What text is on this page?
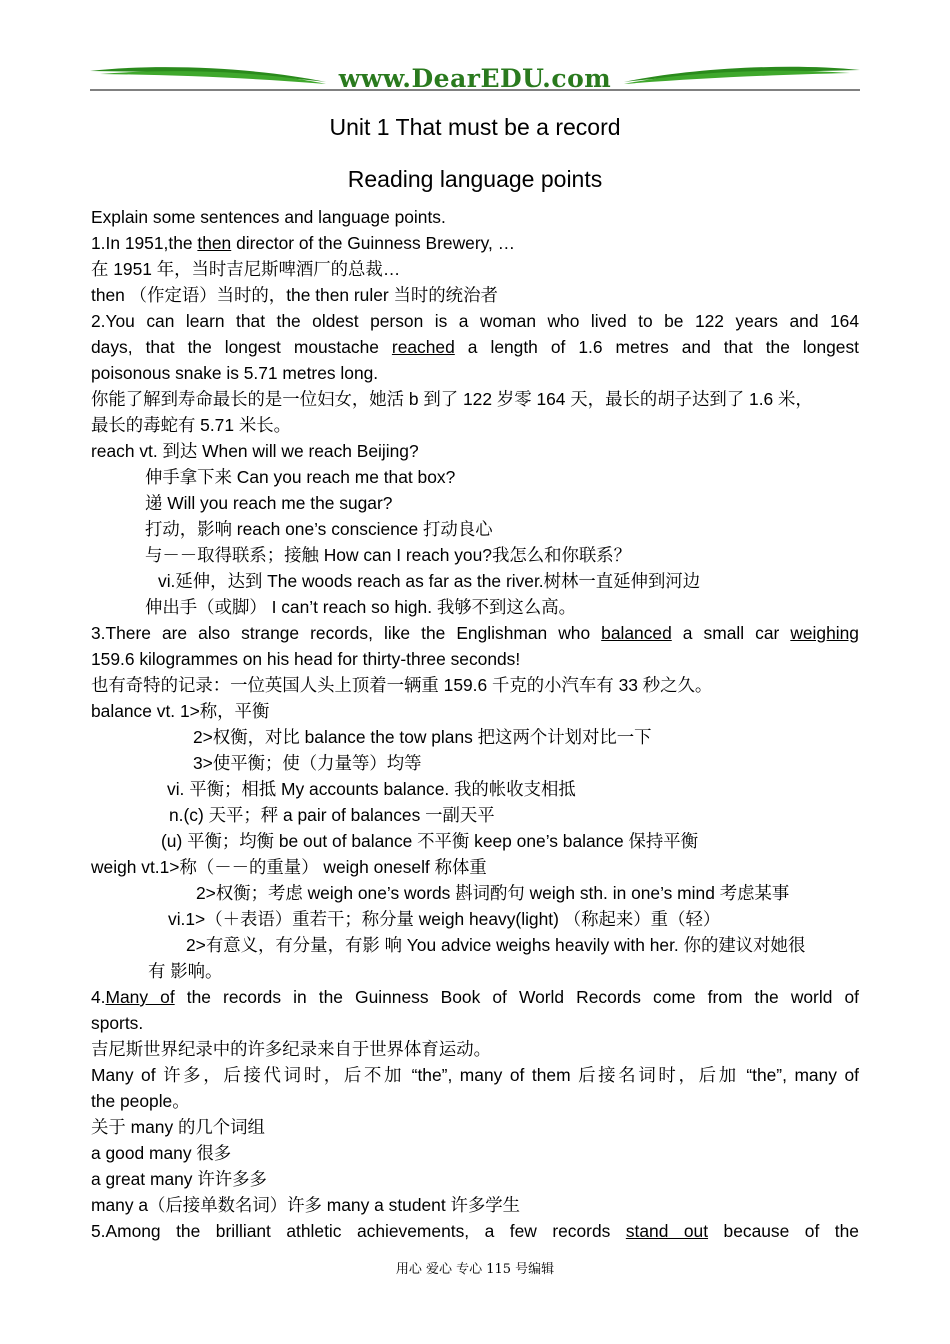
www.DearEDU.com
Unit 1 That must be a record
Reading language points
Explain some sentences and language points.
1.In 1951,the then director of the Guinness Brewery, …
在 1951 年，当时吉尼斯啤酒厂的总裁…
then （作定语）当时的，the then ruler 当时的统治者
2.You can learn that the oldest person is a woman who lived to be 122 years and 164
days, that the longest moustache reached a length of 1.6 metres and that the longest
poisonous snake is 5.71 metres long.
你能了解到寿命最长的是一位妇女，她活 b 到了 122 岁零 164 天，最长的胡子达到了 1.6 米，
最长的毒蛇有 5.71 米长。
reach vt. 到达 When will we reach Beijing?
伸手拿下来 Can you reach me that box?
递 Will you reach me the sugar?
打动，影响 reach one’s conscience 打动良心
与－－取得联系；接触 How can I reach you?我怎么和你联系？
vi.延伸，达到 The woods reach as far as the river.树林一直延伸到河边
伸出手（或脚） I can’t reach so high. 我够不到这么高。
3.There are also strange records, like the Englishman who balanced a small car weighing
159.6 kilogrammes on his head for thirty-three seconds!
也有奇特的记录：一位英国人头上顶着一辆重 159.6 千克的小汽车有 33 秒之久。
balance vt. 1>称，平衡
2>权衡，对比 balance the tow plans 把这两个计划对比一下
3>使平衡；使（力量等）均等
vi. 平衡；相抵 My accounts balance. 我的帐收支相抵
n.(c) 天平；秤 a pair of balances 一副天平
(u) 平衡；均衡 be out of balance 不平衡 keep one’s balance 保持平衡
weigh vt.1>称（－－的重量） weigh oneself 称体重
2>权衡；考虑 weigh one’s words 斟词酌句 weigh sth. in one’s mind 考虑某事
vi.1>（＋表语）重若干；称分量 weigh heavy(light) （称起来）重（轻）
2>有意义，有分量，有影 响 You advice weighs heavily with her. 你的建议对她很
有 影响。
4.Many of the records in the Guinness Book of World Records come from the world of
sports.
吉尼斯世界纪录中的许多纪录来自于世界体育运动。
Many of 许多，后接代词时，后不加 “the”, many of them 后接名词时，后加 “the”, many of
the people。
关于 many 的几个词组
a good many 很多
a great many 许许多多
many a（后接单数名词）许多 many a student 许多学生
5.Among the brilliant athletic achievements, a few records stand out because of the
用心 爱心 专心 115 号编辑
